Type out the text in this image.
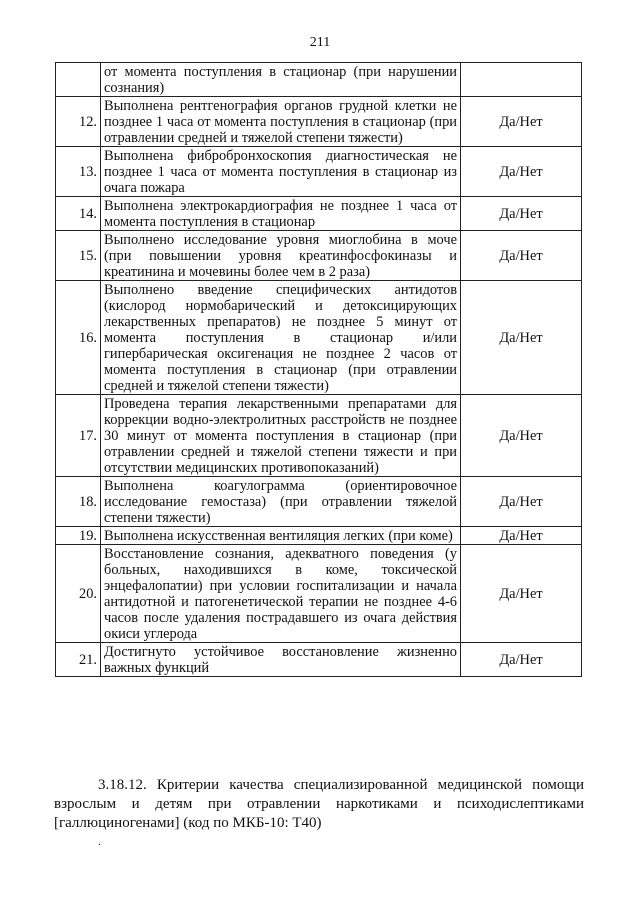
211
	от момента поступления в стационар (при нарушении сознания)	
12.	Выполнена рентгенография органов грудной клетки не позднее 1 часа от момента поступления в стационар (при отравлении средней и тяжелой степени тяжести)	Да/Нет
13.	Выполнена фибробронхоскопия диагностическая не позднее 1 часа от момента поступления в стационар из очага пожара	Да/Нет
14.	Выполнена электрокардиография не позднее 1 часа от момента поступления в стационар	Да/Нет
15.	Выполнено исследование уровня миоглобина в моче (при повышении уровня креатинфосфокиназы и креатинина и мочевины более чем в 2 раза)	Да/Нет
16.	Выполнено введение специфических антидотов (кислород нормобарический и детоксицирующих лекарственных препаратов) не позднее 5 минут от момента поступления в стационар и/или гипербарическая оксигенация не позднее 2 часов от момента поступления в стационар (при отравлении средней и тяжелой степени тяжести)	Да/Нет
17.	Проведена терапия лекарственными препаратами для коррекции водно-электролитных расстройств не позднее 30 минут от момента поступления в стационар (при отравлении средней и тяжелой степени тяжести и при отсутствии медицинских противопоказаний)	Да/Нет
18.	Выполнена коагулограмма (ориентировочное исследование гемостаза) (при отравлении тяжелой степени тяжести)	Да/Нет
19.	Выполнена искусственная вентиляция легких (при коме)	Да/Нет
20.	Восстановление сознания, адекватного поведения (у больных, находившихся в коме, токсической энцефалопатии) при условии госпитализации и начала антидотной и патогенетической терапии не позднее 4-6 часов после удаления пострадавшего из очага действия окиси углерода	Да/Нет
21.	Достигнуто устойчивое восстановление жизненно важных функций	Да/Нет
3.18.12. Критерии качества специализированной медицинской помощи взрослым и детям при отравлении наркотиками и психодислептиками [галлюциногенами] (код по МКБ-10: T40)
.
